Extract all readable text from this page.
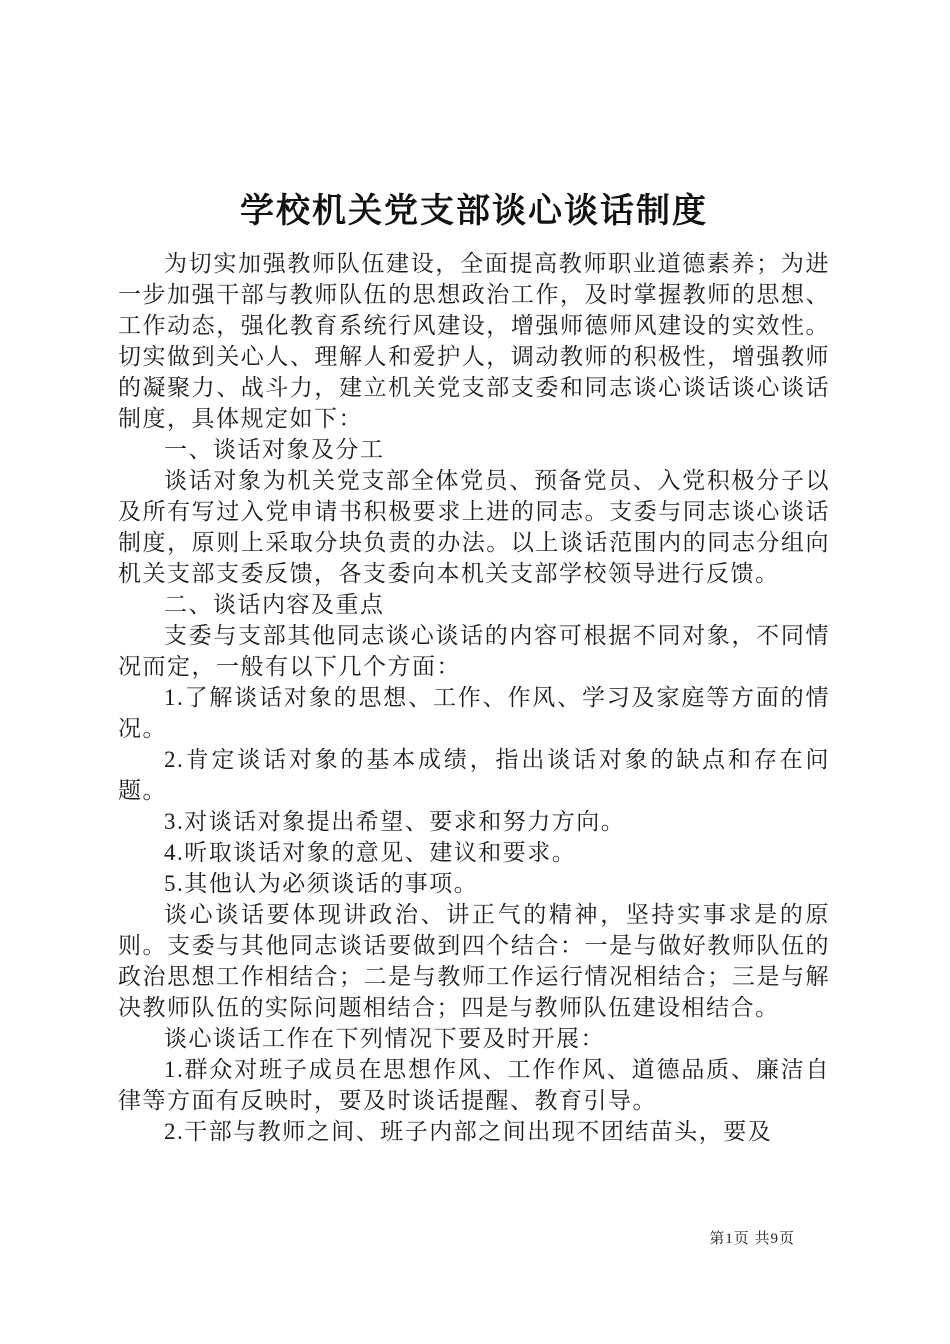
学校机关党支部谈心谈话制度

为切实加强教师队伍建设，全面提高教师职业道德素养；为进一步加强干部与教师队伍的思想政治工作，及时掌握教师的思想、工作动态，强化教育系统行风建设，增强师德师风建设的实效性。切实做到关心人、理解人和爱护人，调动教师的积极性，增强教师的凝聚力、战斗力，建立机关党支部支委和同志谈心谈话谈心谈话制度，具体规定如下：

一、谈话对象及分工

谈话对象为机关党支部全体党员、预备党员、入党积极分子以及所有写过入党申请书积极要求上进的同志。支委与同志谈心谈话制度，原则上采取分块负责的办法。以上谈话范围内的同志分组向机关支部支委反馈，各支委向本机关支部学校领导进行反馈。

二、谈话内容及重点

支委与支部其他同志谈心谈话的内容可根据不同对象，不同情况而定，一般有以下几个方面：

1.了解谈话对象的思想、工作、作风、学习及家庭等方面的情况。

2.肯定谈话对象的基本成绩，指出谈话对象的缺点和存在问题。

3.对谈话对象提出希望、要求和努力方向。

4.听取谈话对象的意见、建议和要求。

5.其他认为必须谈话的事项。

谈心谈话要体现讲政治、讲正气的精神，坚持实事求是的原则。支委与其他同志谈话要做到四个结合：一是与做好教师队伍的政治思想工作相结合；二是与教师工作运行情况相结合；三是与解决教师队伍的实际问题相结合；四是与教师队伍建设相结合。

谈心谈话工作在下列情况下要及时开展：

1.群众对班子成员在思想作风、工作作风、道德品质、廉洁自律等方面有反映时，要及时谈话提醒、教育引导。

2.干部与教师之间、班子内部之间出现不团结苗头，要及

第1页 共9页
